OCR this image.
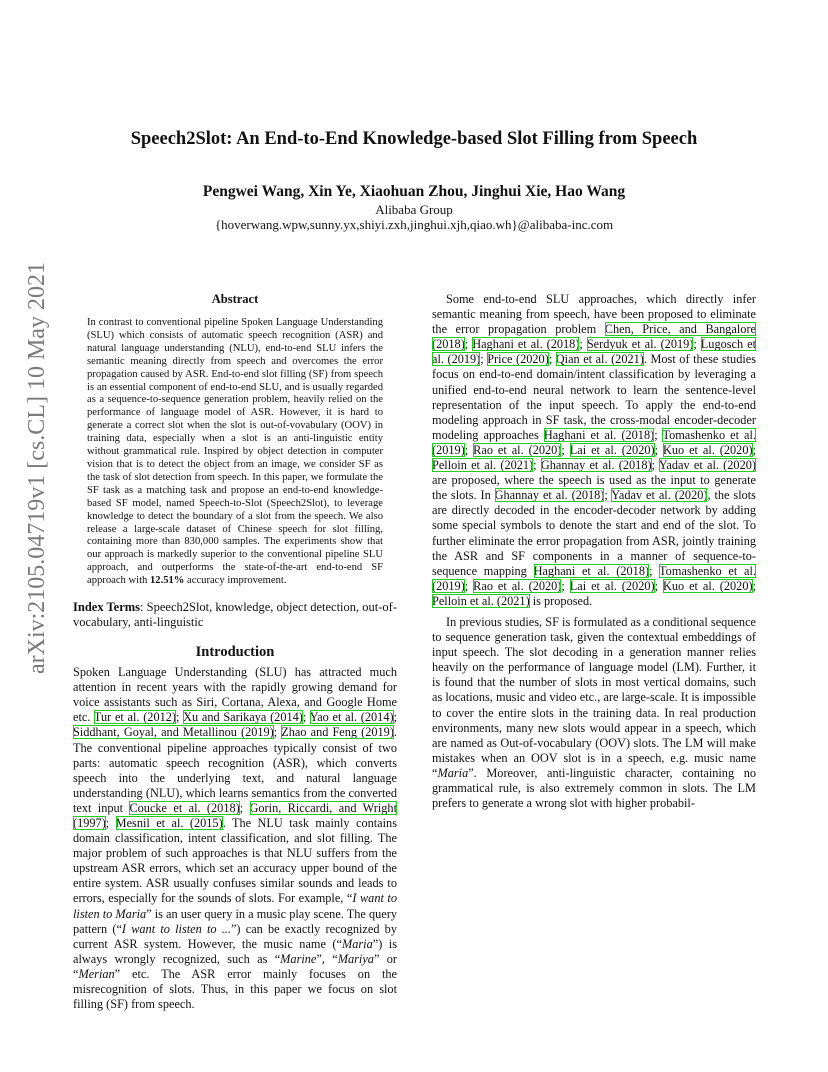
arXiv:2105.04719v1 [cs.CL] 10 May 2021
Speech2Slot: An End-to-End Knowledge-based Slot Filling from Speech
Pengwei Wang, Xin Ye, Xiaohuan Zhou, Jinghui Xie, Hao Wang
Alibaba Group
{hoverwang.wpw,sunny.yx,shiyi.zxh,jinghui.xjh,qiao.wh}@alibaba-inc.com
Abstract

In contrast to conventional pipeline Spoken Language Understanding (SLU) which consists of automatic speech recognition (ASR) and natural language understanding (NLU), end-to-end SLU infers the semantic meaning directly from speech and overcomes the error propagation caused by ASR. End-to-end slot filling (SF) from speech is an essential component of end-to-end SLU, and is usually regarded as a sequence-to-sequence generation problem, heavily relied on the performance of language model of ASR. However, it is hard to generate a correct slot when the slot is out-of-vovabulary (OOV) in training data, especially when a slot is an anti-linguistic entity without grammatical rule. Inspired by object detection in computer vision that is to detect the object from an image, we consider SF as the task of slot detection from speech. In this paper, we formulate the SF task as a matching task and propose an end-to-end knowledge-based SF model, named Speech-to-Slot (Speech2Slot), to leverage knowledge to detect the boundary of a slot from the speech. We also release a large-scale dataset of Chinese speech for slot filling, containing more than 830,000 samples. The experiments show that our approach is markedly superior to the conventional pipeline SLU approach, and outperforms the state-of-the-art end-to-end SF approach with 12.51% accuracy improvement.

Index Terms: Speech2Slot, knowledge, object detection, out-of-vocabulary, anti-linguistic

Introduction

Spoken Language Understanding (SLU) has attracted much attention in recent years with the rapidly growing demand for voice assistants such as Siri, Cortana, Alexa, and Google Home etc. Tur et al. (2012); Xu and Sarikaya (2014); Yao et al. (2014); Siddhant, Goyal, and Metallinou (2019); Zhao and Feng (2019). The conventional pipeline approaches typically consist of two parts: automatic speech recognition (ASR), which converts speech into the underlying text, and natural language understanding (NLU), which learns semantics from the converted text input Coucke et al. (2018); Gorin, Riccardi, and Wright (1997); Mesnil et al. (2015). The NLU task mainly contains domain classification, intent classification, and slot filling. The major problem of such approaches is that NLU suffers from the upstream ASR errors, which set an accuracy upper bound of the entire system. ASR usually confuses similar sounds and leads to errors, especially for the sounds of slots. For example, “I want to listen to Maria” is an user query in a music play scene. The query pattern (“I want to listen to ...”) can be exactly recognized by current ASR system. However, the music name (“Maria”) is always wrongly recognized, such as “Marine”, “Mariya” or “Merian” etc. The ASR error mainly focuses on the misrecognition of slots. Thus, in this paper we focus on slot filling (SF) from speech.

Some end-to-end SLU approaches, which directly infer semantic meaning from speech, have been proposed to eliminate the error propagation problem Chen, Price, and Bangalore (2018); Haghani et al. (2018); Serdyuk et al. (2019); Lugosch et al. (2019); Price (2020); Qian et al. (2021). Most of these studies focus on end-to-end domain/intent classification by leveraging a unified end-to-end neural network to learn the sentence-level representation of the input speech. To apply the end-to-end modeling approach in SF task, the cross-modal encoder-decoder modeling approaches Haghani et al. (2018); Tomashenko et al. (2019); Rao et al. (2020); Lai et al. (2020); Kuo et al. (2020); Pelloin et al. (2021); Ghannay et al. (2018); Yadav et al. (2020) are proposed, where the speech is used as the input to generate the slots. In Ghannay et al. (2018); Yadav et al. (2020), the slots are directly decoded in the encoder-decoder network by adding some special symbols to denote the start and end of the slot. To further eliminate the error propagation from ASR, jointly training the ASR and SF components in a manner of sequence-to-sequence mapping Haghani et al. (2018); Tomashenko et al. (2019); Rao et al. (2020); Lai et al. (2020); Kuo et al. (2020); Pelloin et al. (2021) is proposed.

In previous studies, SF is formulated as a conditional sequence to sequence generation task, given the contextual embeddings of input speech. The slot decoding in a generation manner relies heavily on the performance of language model (LM). Further, it is found that the number of slots in most vertical domains, such as locations, music and video etc., are large-scale. It is impossible to cover the entire slots in the training data. In real production environments, many new slots would appear in a speech, which are named as Out-of-vocabulary (OOV) slots. The LM will make mistakes when an OOV slot is in a speech, e.g. music name “Maria”. Moreover, anti-linguistic character, containing no grammatical rule, is also extremely common in slots. The LM prefers to generate a wrong slot with higher probabil-
